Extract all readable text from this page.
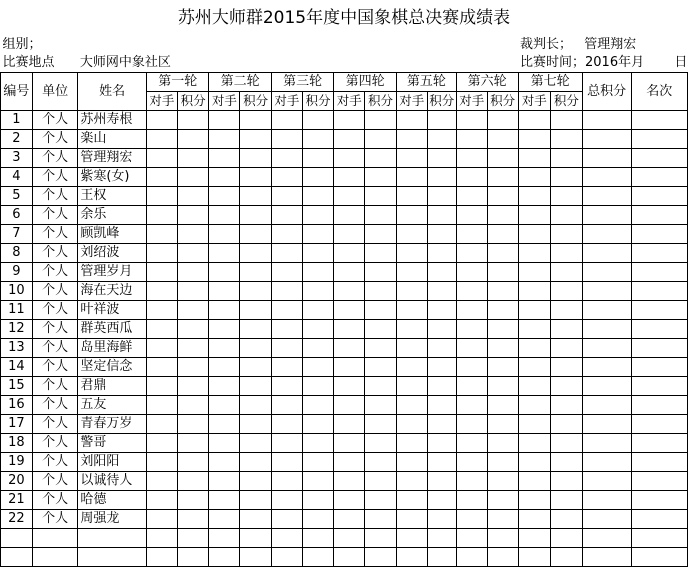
苏州大师群2015年度中国象棋总决赛成绩表
组别；															裁判长；		管理翔宏	
比赛地点		大师网中象社区													比赛时间；2016年			月 日
编号	单位	姓名	第一轮		第二轮		第三轮		第四轮		第五轮		第六轮		第七轮		总积分	名次
			对手	积分	对手	积分	对手	积分	对手	积分	对手	积分	对手	积分	对手	积分		
1	个人	苏州寿根																
2	个人	楽山																
3	个人	管理翔宏																
4	个人	紫寒(女)																
5	个人	王权																
6	个人	余乐																
7	个人	顾凯峰																
8	个人	刘绍波																
9	个人	管理岁月																
10	个人	海在天边																
11	个人	叶祥波																
12	个人	群英西瓜																
13	个人	岛里海鲜																
14	个人	坚定信念																
15	个人	君鼎																
16	个人	五友																
17	个人	青春万岁																
18	个人	警哥																
19	个人	刘阳阳																
20	个人	以诚待人																
21	个人	哈德																
22	个人	周强龙																
